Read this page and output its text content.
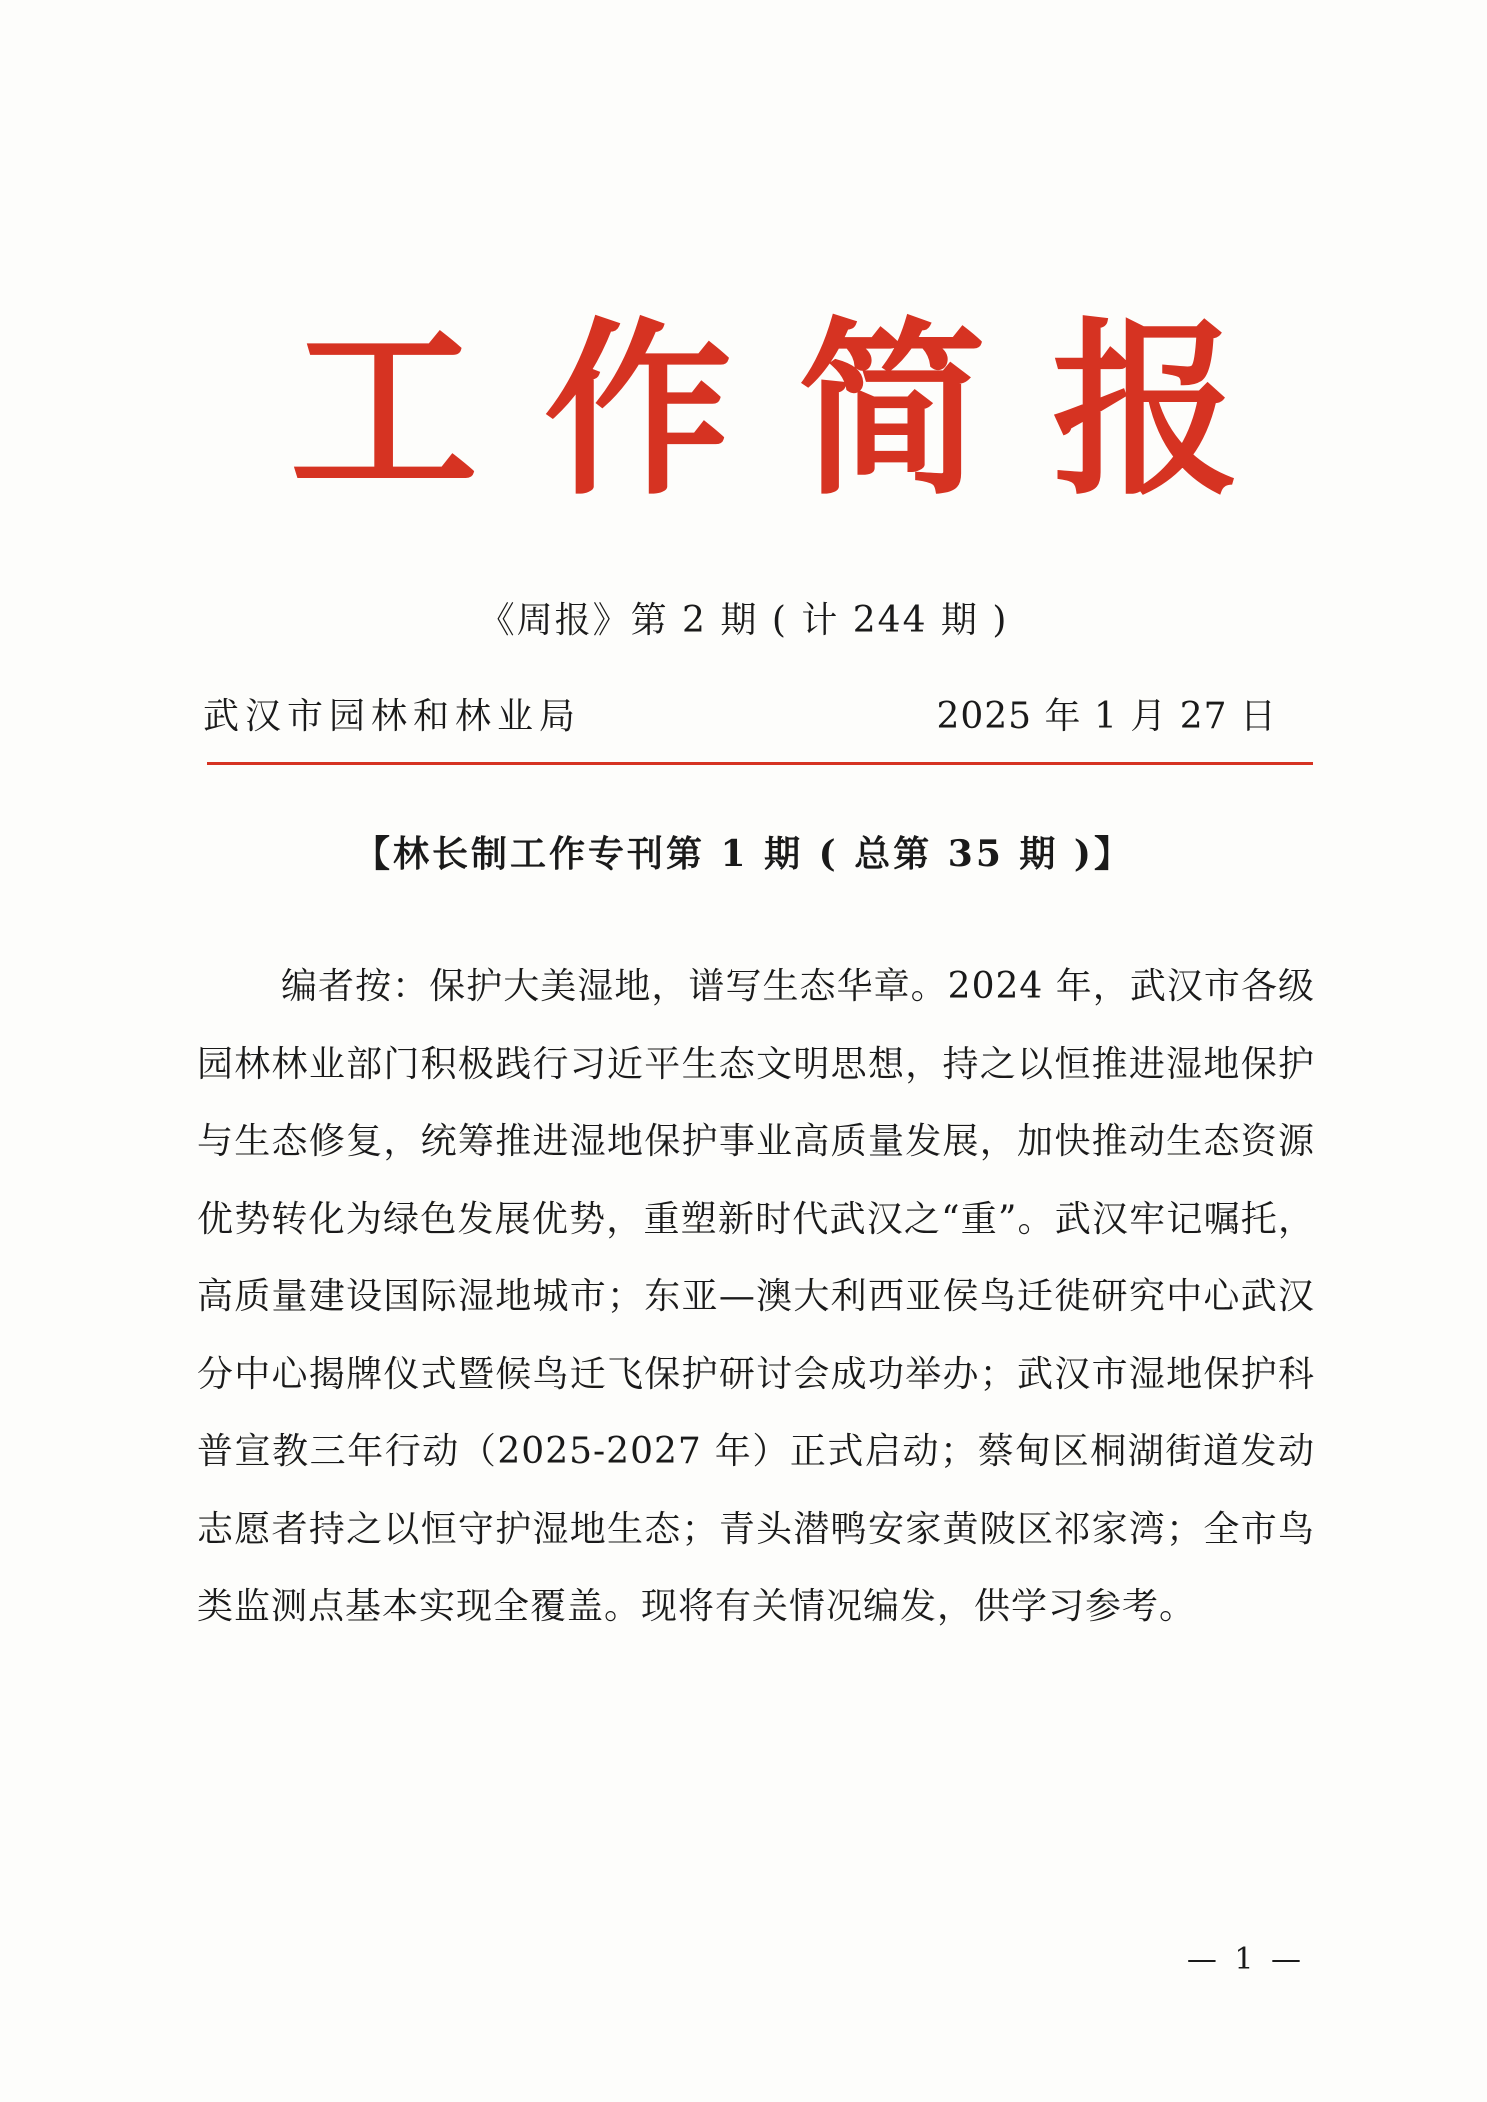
工 作 简 报
《周报》第 2 期 ( 计 244 期 )
武汉市园林和林业局	2025 年 1 月 27 日
【林长制工作专刊第 1 期 ( 总第 35 期 )】
编者按：保护大美湿地，谱写生态华章。2024 年，武汉市各级园林林业部门积极践行习近平生态文明思想，持之以恒推进湿地保护与生态修复，统筹推进湿地保护事业高质量发展，加快推动生态资源优势转化为绿色发展优势，重塑新时代武汉之“重”。武汉牢记嘱托，高质量建设国际湿地城市；东亚—澳大利西亚侯鸟迁徙研究中心武汉分中心揭牌仪式暨候鸟迁飞保护研讨会成功举办；武汉市湿地保护科普宣教三年行动（2025-2027 年）正式启动；蔡甸区桐湖街道发动志愿者持之以恒守护湿地生态；青头潜鸭安家黄陂区祁家湾；全市鸟类监测点基本实现全覆盖。现将有关情况编发，供学习参考。
— 1 —
